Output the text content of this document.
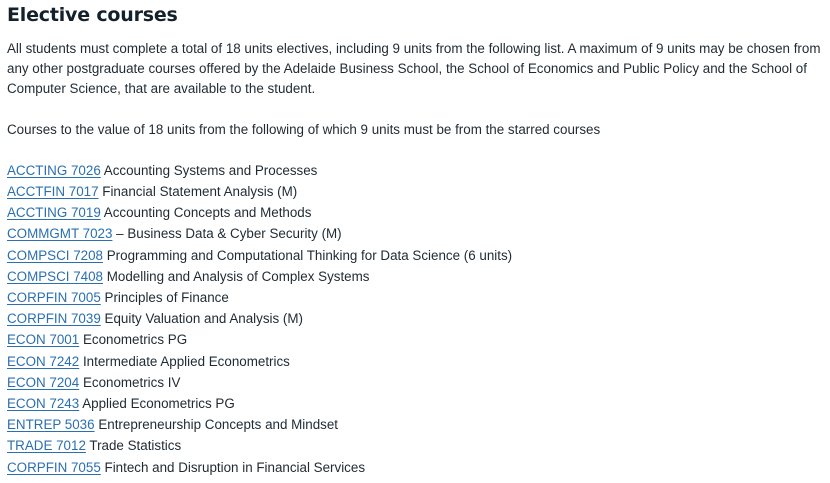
Elective courses

All students must complete a total of 18 units electives, including 9 units from the following list. A maximum of 9 units may be chosen from any other postgraduate courses offered by the Adelaide Business School, the School of Economics and Public Policy and the School of Computer Science, that are available to the student.

Courses to the value of 18 units from the following of which 9 units must be from the starred courses

ACCTING 7026 Accounting Systems and Processes
ACCTFIN 7017 Financial Statement Analysis (M)
ACCTING 7019 Accounting Concepts and Methods
COMMGMT 7023 – Business Data & Cyber Security (M)
COMPSCI 7208 Programming and Computational Thinking for Data Science (6 units)
COMPSCI 7408 Modelling and Analysis of Complex Systems
CORPFIN 7005 Principles of Finance
CORPFIN 7039 Equity Valuation and Analysis (M)
ECON 7001 Econometrics PG
ECON 7242 Intermediate Applied Econometrics
ECON 7204 Econometrics IV
ECON 7243 Applied Econometrics PG
ENTREP 5036 Entrepreneurship Concepts and Mindset
TRADE 7012 Trade Statistics
CORPFIN 7055 Fintech and Disruption in Financial Services
